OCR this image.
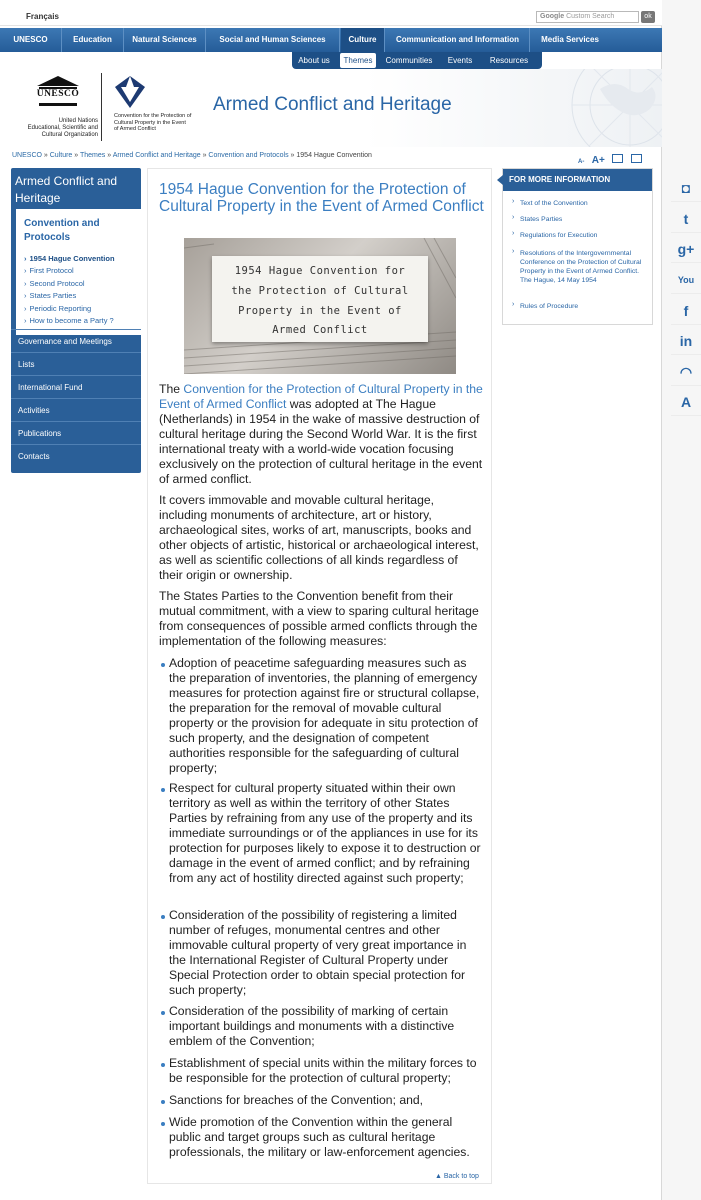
Français	Google Custom Search	ok
UNESCO	Education	Natural Sciences	Social and Human Sciences	Culture	Communication and Information	Media Services
About us	Themes	Communities	Events	Resources
UNESCO
United Nations
Educational, Scientific and
Cultural Organization
Convention for the Protection of
Cultural Property in the Event
of Armed Conflict
Armed Conflict and Heritage
UNESCO » Culture » Themes » Armed Conflict and Heritage » Convention and Protocols » 1954 Hague Convention
A- A+
Armed Conflict and Heritage
Convention and Protocols
› 1954 Hague Convention
› First Protocol
› Second Protocol
› States Parties
› Periodic Reporting
› How to become a Party ?
Governance and Meetings
Lists
International Fund
Activities
Publications
Contacts
1954 Hague Convention for the Protection of Cultural Property in the Event of Armed Conflict
1954 Hague Convention for
the Protection of Cultural
Property in the Event of
Armed Conflict
The Convention for the Protection of Cultural Property in the Event of Armed Conflict was adopted at The Hague (Netherlands) in 1954 in the wake of massive destruction of cultural heritage during the Second World War. It is the first international treaty with a world-wide vocation focusing exclusively on the protection of cultural heritage in the event of armed conflict.
It covers immovable and movable cultural heritage, including monuments of architecture, art or history, archaeological sites, works of art, manuscripts, books and other objects of artistic, historical or archaeological interest, as well as scientific collections of all kinds regardless of their origin or ownership.
The States Parties to the Convention benefit from their mutual commitment, with a view to sparing cultural heritage from consequences of possible armed conflicts through the implementation of the following measures:
Adoption of peacetime safeguarding measures such as the preparation of inventories, the planning of emergency measures for protection against fire or structural collapse, the preparation for the removal of movable cultural property or the provision for adequate in situ protection of such property, and the designation of competent authorities responsible for the safeguarding of cultural property;
Respect for cultural property situated within their own territory as well as within the territory of other States Parties by refraining from any use of the property and its immediate surroundings or of the appliances in use for its protection for purposes likely to expose it to destruction or damage in the event of armed conflict; and by refraining from any act of hostility directed against such property;
Consideration of the possibility of registering a limited number of refuges, monumental centres and other immovable cultural property of very great importance in the International Register of Cultural Property under Special Protection order to obtain special protection for such property;
Consideration of the possibility of marking of certain important buildings and monuments with a distinctive emblem of the Convention;
Establishment of special units within the military forces to be responsible for the protection of cultural property;
Sanctions for breaches of the Convention; and,
Wide promotion of the Convention within the general public and target groups such as cultural heritage professionals, the military or law-enforcement agencies.
▲ Back to top
FOR MORE INFORMATION
› Text of the Convention
› States Parties
› Regulations for Execution
› Resolutions of the Intergovernmental Conference on the Protection of Cultural Property in the Event of Armed Conflict. The Hague, 14 May 1954
› Rules of Procedure
◘
t
g+
You
f
in
◠
A
